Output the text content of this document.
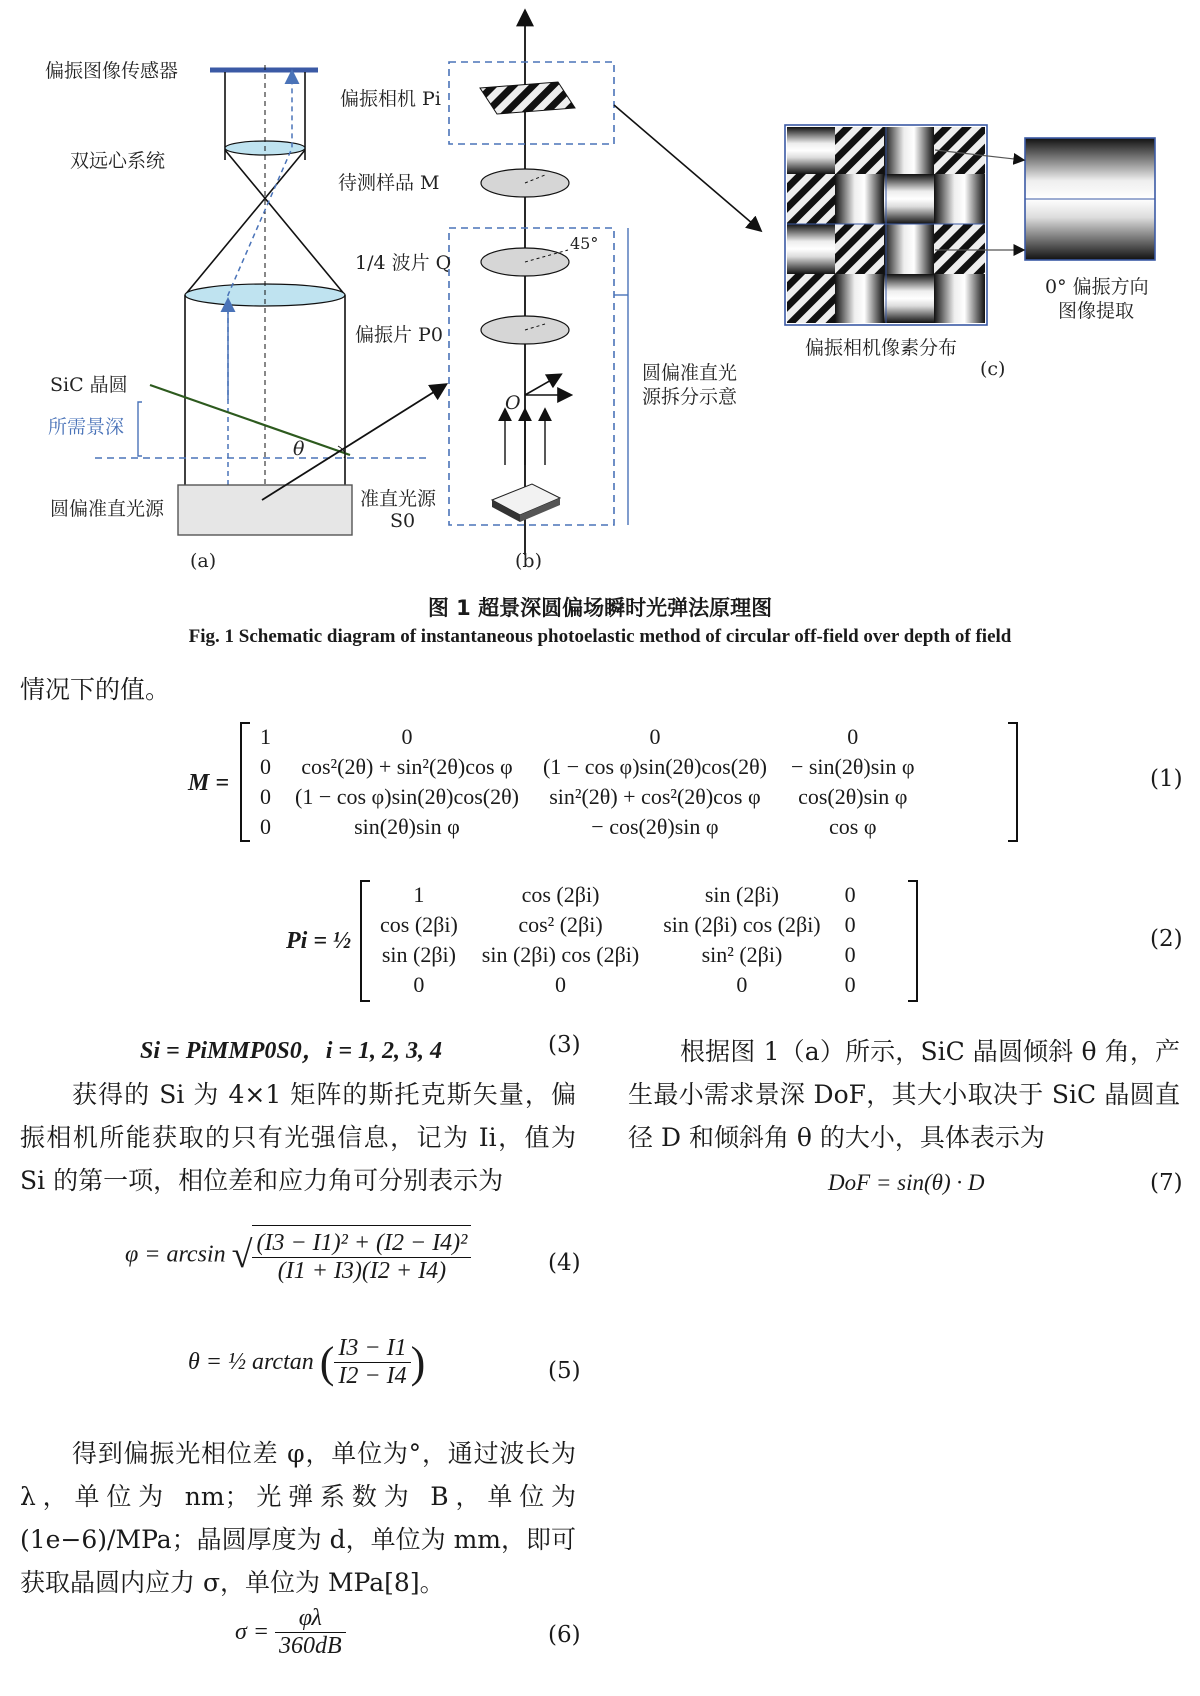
偏振图像传感器
双远心系统
SiC 晶圆
所需景深
θ
圆偏准直光源
(a)
偏振相机 Pi
待测样品 M
1/4 波片 Q
45°
偏振片 P0
O
准直光源
S0
圆偏准直光
源拆分示意
(b)
偏振相机像素分布
0° 偏振方向
图像提取
(c)
图 1 超景深圆偏场瞬时光弹法原理图
Fig. 1 Schematic diagram of instantaneous photoelastic method of circular off-field over depth of field
情况下的值。
M =
1	0	0	0
0	cos²(2θ) + sin²(2θ)cos φ	(1 − cos φ)sin(2θ)cos(2θ)	− sin(2θ)sin φ
0	(1 − cos φ)sin(2θ)cos(2θ)	sin²(2θ) + cos²(2θ)cos φ	cos(2θ)sin φ
0	sin(2θ)sin φ	− cos(2θ)sin φ	cos φ
(1)
Pi = ½
1	cos (2βi)	sin (2βi)	0
cos (2βi)	cos² (2βi)	sin (2βi) cos (2βi)	0
sin (2βi)	sin (2βi) cos (2βi)	sin² (2βi)	0
0	0	0	0
(2)
Si = PiMMP0S0，i = 1, 2, 3, 4	(3)
获得的 Si 为 4×1 矩阵的斯托克斯矢量，偏振相机所能获取的只有光强信息，记为 Ii，值为 Si 的第一项，相位差和应力角可分别表示为
φ = arcsin √ $\frac{\text{(I3 − I1)² + (I2 − I4)²}}{(I1 + I3)(I2 + I4)}$	(4)
θ = ½ arctan ( $\frac{I3 - I1}{I2 - I4}$ )	(5)
得到偏振光相位差 φ，单位为°，通过波长为 λ，单位为 nm；光弹系数为 B，单位为 (1e−6)/MPa；晶圆厚度为 d，单位为 mm，即可获取晶圆内应力 σ，单位为 MPa[8]。
$\sigma = \frac{\varphi\lambda}{360dB}$	(6)
根据图 1（a）所示，SiC 晶圆倾斜 θ 角，产生最小需求景深 DoF，其大小取决于 SiC 晶圆直径 D 和倾斜角 θ 的大小，具体表示为
DoF = sin(θ) · D	(7)
